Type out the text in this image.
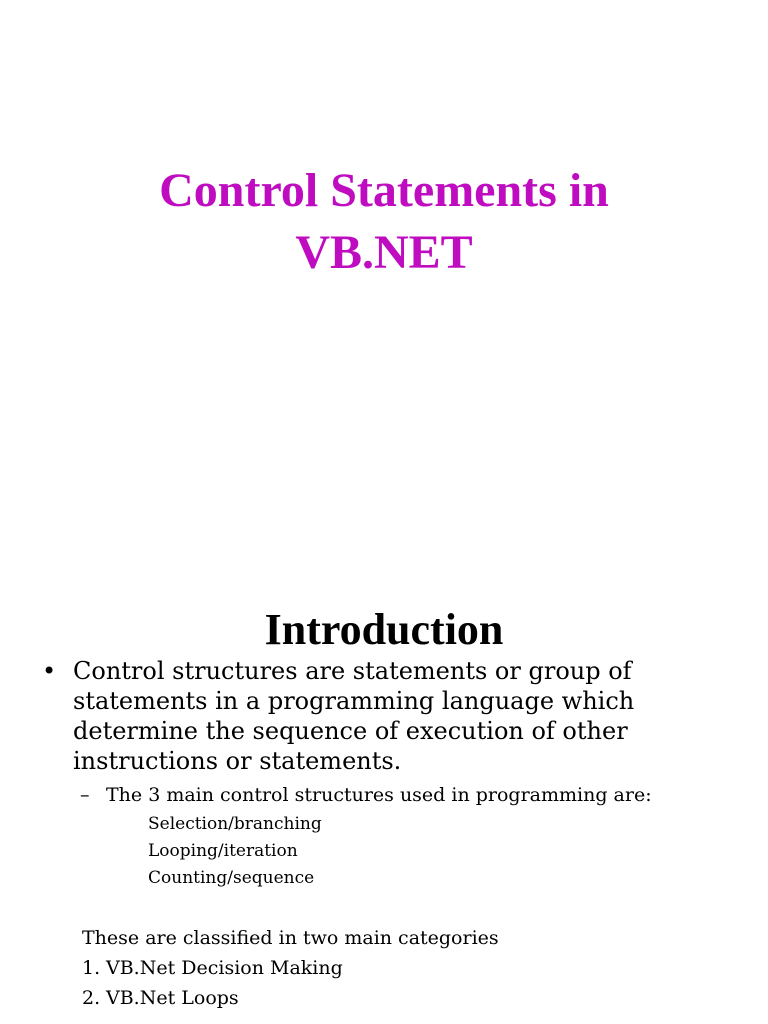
Control Statements in
VB.NET
Introduction
• Control structures are statements or group of statements in a programming language which determine the sequence of execution of other instructions or statements.
– The 3 main control structures used in programming are:
Selection/branching
Looping/iteration
Counting/sequence
These are classified in two main categories
1. VB.Net Decision Making
2. VB.Net Loops
